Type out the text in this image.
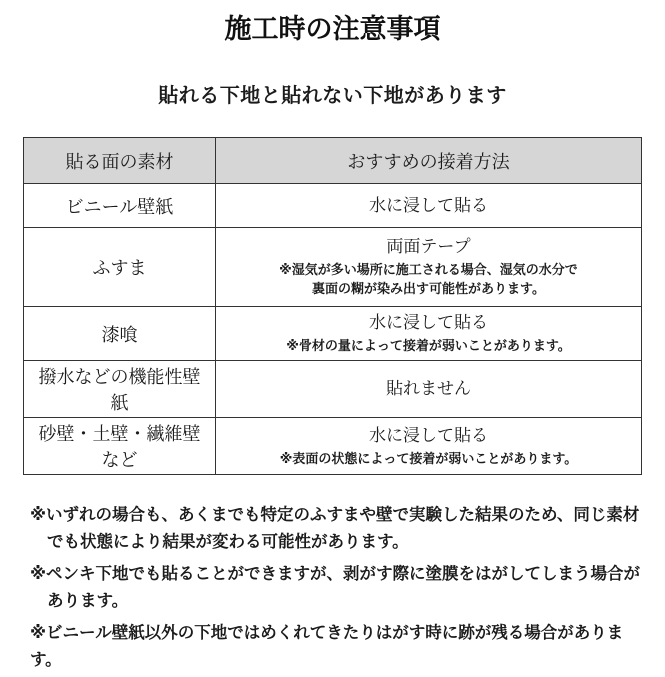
施工時の注意事項
貼れる下地と貼れない下地があります
貼る面の素材	おすすめの接着方法
ビニール壁紙	水に浸して貼る

ふすま	両面テープ
※湿気が多い場所に施工される場合、湿気の水分で
裏面の糊が染み出す可能性があります。

漆喰	水に浸して貼る
※骨材の量によって接着が弱いことがあります。

撥水などの機能性壁紙	貼れません

砂壁・土壁・繊維壁など	水に浸して貼る
※表面の状態によって接着が弱いことがあります。

※いずれの場合も、あくまでも特定のふすまや壁で実験した結果のため、同じ素材
でも状態により結果が変わる可能性があります。

※ペンキ下地でも貼ることができますが、剥がす際に塗膜をはがしてしまう場合が
あります。

※ビニール壁紙以外の下地ではめくれてきたりはがす時に跡が残る場合があります。
